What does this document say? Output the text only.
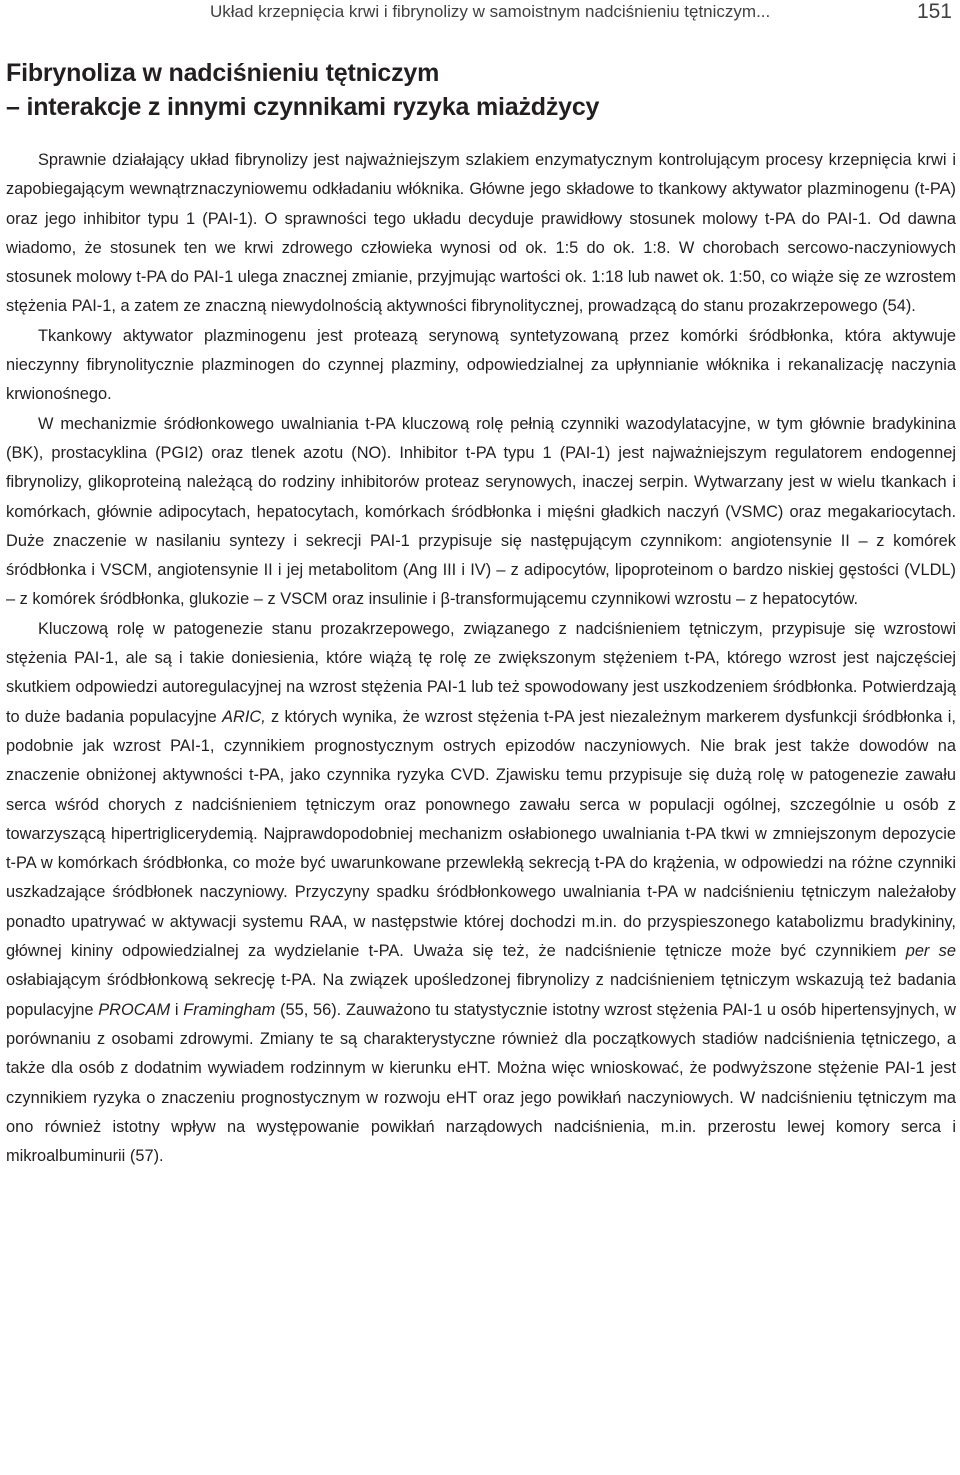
Układ krzepnięcia krwi i fibrynolizy w samoistnym nadciśnieniu tętniczym...	151
Fibrynoliza w nadciśnieniu tętniczym
– interakcje z innymi czynnikami ryzyka miażdżycy

Sprawnie działający układ fibrynolizy jest najważniejszym szlakiem enzymatycznym kontrolującym procesy krzepnięcia krwi i zapobiegającym wewnątrznaczyniowemu odkładaniu włóknika. Główne jego składowe to tkankowy aktywator plazminogenu (t-PA) oraz jego inhibitor typu 1 (PAI-1). O sprawności tego układu decyduje prawidłowy stosunek molowy t-PA do PAI-1. Od dawna wiadomo, że stosunek ten we krwi zdrowego człowieka wynosi od ok. 1:5 do ok. 1:8. W chorobach sercowo-naczyniowych stosunek molowy t-PA do PAI-1 ulega znacznej zmianie, przyjmując wartości ok. 1:18 lub nawet ok. 1:50, co wiąże się ze wzrostem stężenia PAI-1, a zatem ze znaczną niewydolnością aktywności fibrynolitycznej, prowadzącą do stanu prozakrzepowego (54).

Tkankowy aktywator plazminogenu jest proteazą serynową syntetyzowaną przez komórki śródbłonka, która aktywuje nieczynny fibrynolitycznie plazminogen do czynnej plazminy, odpowiedzialnej za upłynnianie włóknika i rekanalizację naczynia krwionośnego.

W mechanizmie śródłonkowego uwalniania t-PA kluczową rolę pełnią czynniki wazodylatacyjne, w tym głównie bradykinina (BK), prostacyklina (PGI2) oraz tlenek azotu (NO). Inhibitor t-PA typu 1 (PAI-1) jest najważniejszym regulatorem endogennej fibrynolizy, glikoproteiną należącą do rodziny inhibitorów proteaz serynowych, inaczej serpin. Wytwarzany jest w wielu tkankach i komórkach, głównie adipocytach, hepatocytach, komórkach śródbłonka i mięśni gładkich naczyń (VSMC) oraz megakariocytach. Duże znaczenie w nasilaniu syntezy i sekrecji PAI-1 przypisuje się następującym czynnikom: angiotensynie II – z komórek śródbłonka i VSCM, angiotensynie II i jej metabolitom (Ang III i IV) – z adipocytów, lipoproteinom o bardzo niskiej gęstości (VLDL) – z komórek śródbłonka, glukozie – z VSCM oraz insulinie i β-transformującemu czynnikowi wzrostu – z hepatocytów.

Kluczową rolę w patogenezie stanu prozakrzepowego, związanego z nadciśnieniem tętniczym, przypisuje się wzrostowi stężenia PAI-1, ale są i takie doniesienia, które wiążą tę rolę ze zwiększonym stężeniem t-PA, którego wzrost jest najczęściej skutkiem odpowiedzi autoregulacyjnej na wzrost stężenia PAI-1 lub też spowodowany jest uszkodzeniem śródbłonka. Potwierdzają to duże badania populacyjne ARIC, z których wynika, że wzrost stężenia t-PA jest niezależnym markerem dysfunkcji śródbłonka i, podobnie jak wzrost PAI-1, czynnikiem prognostycznym ostrych epizodów naczyniowych. Nie brak jest także dowodów na znaczenie obniżonej aktywności t-PA, jako czynnika ryzyka CVD. Zjawisku temu przypisuje się dużą rolę w patogenezie zawału serca wśród chorych z nadciśnieniem tętniczym oraz ponownego zawału serca w populacji ogólnej, szczególnie u osób z towarzyszącą hipertriglicerydemią. Najprawdopodobniej mechanizm osłabionego uwalniania t-PA tkwi w zmniejszonym depozycie t-PA w komórkach śródbłonka, co może być uwarunkowane przewlekłą sekrecją t-PA do krążenia, w odpowiedzi na różne czynniki uszkadzające śródbłonek naczyniowy. Przyczyny spadku śródbłonkowego uwalniania t-PA w nadciśnieniu tętniczym należałoby ponadto upatrywać w aktywacji systemu RAA, w następstwie której dochodzi m.in. do przyspieszonego katabolizmu bradykininy, głównej kininy odpowiedzialnej za wydzielanie t-PA. Uważa się też, że nadciśnienie tętnicze może być czynnikiem per se osłabiającym śródbłonkową sekrecję t-PA. Na związek upośledzonej fibrynolizy z nadciśnieniem tętniczym wskazują też badania populacyjne PROCAM i Framingham (55, 56). Zauważono tu statystycznie istotny wzrost stężenia PAI-1 u osób hipertensyjnych, w porównaniu z osobami zdrowymi. Zmiany te są charakterystyczne również dla początkowych stadiów nadciśnienia tętniczego, a także dla osób z dodatnim wywiadem rodzinnym w kierunku eHT. Można więc wnioskować, że podwyższone stężenie PAI-1 jest czynnikiem ryzyka o znaczeniu prognostycznym w rozwoju eHT oraz jego powikłań naczyniowych. W nadciśnieniu tętniczym ma ono również istotny wpływ na występowanie powikłań narządowych nadciśnienia, m.in. przerostu lewej komory serca i mikroalbuminurii (57).
